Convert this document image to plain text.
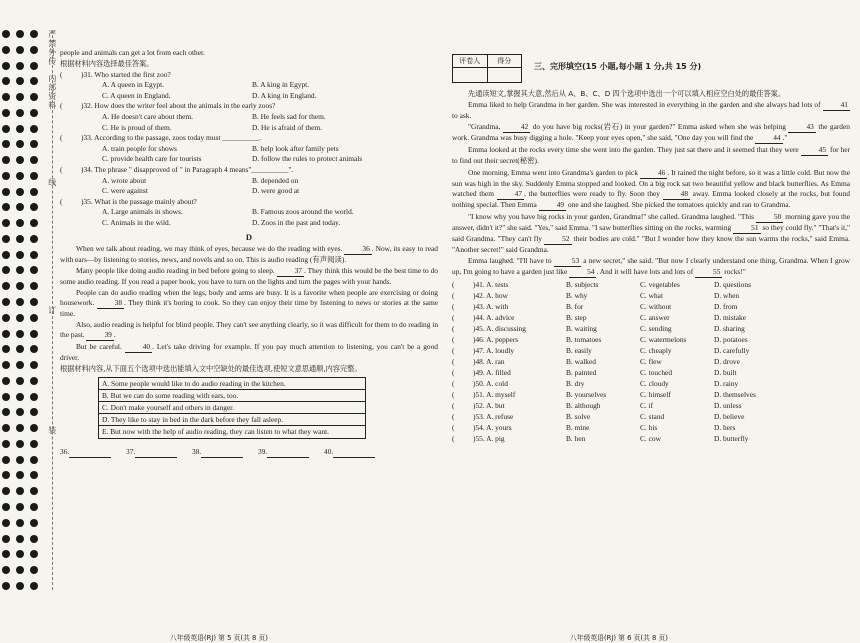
严禁外传
内部资料
线
订
装
people and animals can get a lot from each other.
根据材料内容选择最佳答案。
(	)31. Who started the first zoo?
A. A queen in Egypt.	B. A king in Egypt.
C. A queen in England.	D. A king in England.
(	)32. How does the writer feel about the animals in the early zoos?
A. He doesn't care about them.	B. He feels sad for them.
C. He is proud of them.	D. He is afraid of them.
(	)33. According to the passage, zoos today must __________.
A. train people for shows	B. help look after family pets
C. provide health care for tourists	D. follow the rules to protect animals
(	)34. The phrase " disapproved of " in Paragraph 4 means"__________".
A. wrote about	B. depended on
C. were against	D. were good at
(	)35. What is the passage mainly about?
A. Large animals in shows.	B. Famous zoos around the world.
C. Animals in the wild.	D. Zoos in the past and today.
D
When we talk about reading, we may think of eyes, because we do the reading with eyes. 36 . Now, its easy to read with ears—by listening to stories, news, and novels and so on. This is audio reading (有声阅读).
Many people like doing audio reading in bed before going to sleep. 37 . They think this would be the best time to do some audio reading. If you read a paper book, you have to turn on the lights and turn the pages with your hands.
People can do audio reading when the legs, body and arms are busy. It is a favorite when people are exercising or doing housework. 38 . They think it's boring to cook. So they can enjoy their time by listening to news or stories at the same time.
Also, audio reading is helpful for blind people. They can't see anything clearly, so it was difficult for them to do reading in the past. 39 .
But be careful. 40 . Let's take driving for example. If you pay much attention to listening, you can't be a good driver.
根据材料内容,从下面五个选项中选出能填入文中空缺处的最佳选项,使短文意思通顺,内容完整。
A. Some people would like to do audio reading in the kitchen.
B. But we can do some reading with ears, too.
C. Don't make yourself and others in danger.
D. They like to stay in bed in the dark before they fall asleep.
E. But now with the help of audio reading, they can listen to what they want.
36.	37.	38.	39.	40.
八年级英语(RJ) 第 5 页(共 8 页)
评卷人	得分
三、完形填空(15 小题,每小题 1 分,共 15 分)
先通读短文,掌握其大意,然后从 A、B、C、D 四个选项中选出一个可以填入相应空白处的最佳答案。
Emma liked to help Grandma in her garden. She was interested in everything in the garden and she always had lots of 41 to ask.
"Grandma, 42 do you have big rocks(岩石) in your garden?" Emma asked when she was helping 43 the garden work. Grandma was busy digging a hole. "Keep your eyes open," she said, "One day you will find the 44 ."
Emma looked at the rocks every time she went into the garden. They just sat there and it seemed that they were 45 for her to find out their secret(秘密).
One morning, Emma went into Grandma's garden to pick 46 . It rained the night before, so it was a little cold. But now the sun was high in the sky. Suddenly Emma stopped and looked. On a big rock sat two beautiful yellow and black butterflies. As Emma watched them 47 , the butterflies were ready to fly. Soon they 48 away. Emma looked closely at the rocks, but found nothing special. Then Emma 49 one and she laughed. She picked the tomatoes quickly and ran to Grandma.
"I know why you have big rocks in your garden, Grandma!" she called. Grandma laughed. "This 50 morning gave you the answer, didn't it?" she said. "Yes," said Emma. "I saw butterflies sitting on the rocks, warming 51 so they could fly." "That's it," said Grandma. "They can't fly 52 their bodies are cold." "But I wonder how they know the sun warms the rocks," said Emma. "Another secret!" said Grandma.
Emma laughed. "I'll have to 53 a new secret," she said. "But now I clearly understand one thing, Grandma. When I grow up, I'm going to have a garden just like 54 . And it will have lots and lots of 55 rocks!"
(	)41. A. tests	B. subjects	C. vegetables	D. questions
(	)42. A. how	B. why	C. what	D. when
(	)43. A. with	B. for	C. without	D. from
(	)44. A. advice	B. step	C. answer	D. mistake
(	)45. A. discussing	B. waiting	C. sending	D. sharing
(	)46. A. peppers	B. tomatoes	C. watermelons	D. potatoes
(	)47. A. loudly	B. easily	C. cheaply	D. carefully
(	)48. A. ran	B. walked	C. flew	D. drove
(	)49. A. filled	B. painted	C. touched	D. built
(	)50. A. cold	B. dry	C. cloudy	D. rainy
(	)51. A. myself	B. yourselves	C. himself	D. themselves
(	)52. A. but	B. although	C. if	D. unless
(	)53. A. refuse	B. solve	C. stand	D. believe
(	)54. A. yours	B. mine	C. his	D. hers
(	)55. A. pig	B. hen	C. cow	D. butterfly
八年级英语(RJ) 第 6 页(共 8 页)
